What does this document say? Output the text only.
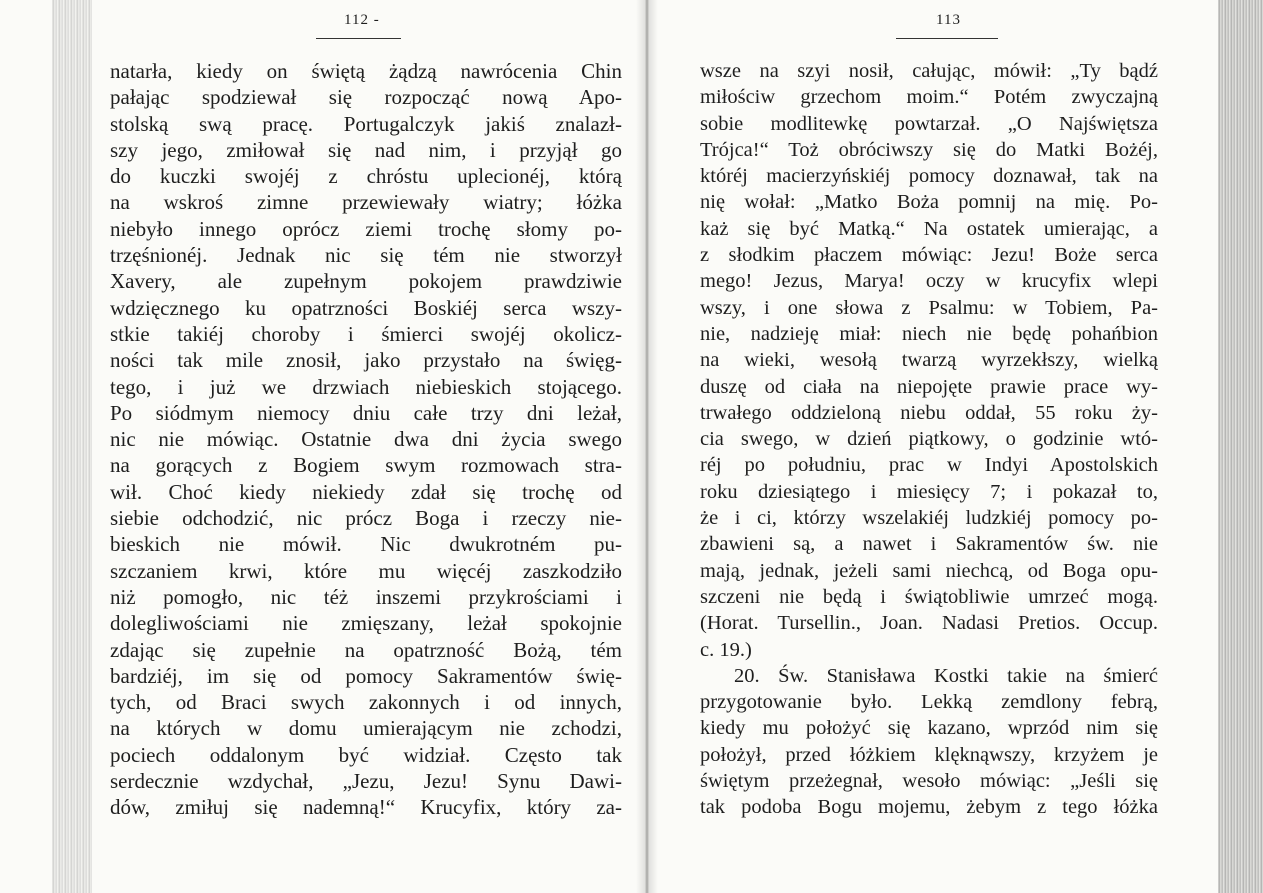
112 -
natarła, kiedy on świętą żądzą nawrócenia Chin
pałając spodziewał się rozpocząć nową Apo-
stolską swą pracę. Portugalczyk jakiś znalazł-
szy jego, zmiłował się nad nim, i przyjął go
do kuczki swojéj z chróstu uplecionéj, którą
na wskroś zimne przewiewały wiatry; łóżka
niebyło innego oprócz ziemi trochę słomy po-
trzęśnionéj. Jednak nic się tém nie stworzył
Xavery, ale zupełnym pokojem prawdziwie
wdzięcznego ku opatrzności Boskiéj serca wszy-
stkie takiéj choroby i śmierci swojéj okolicz-
ności tak mile znosił, jako przystało na święg-
tego, i już we drzwiach niebieskich stojącego.
Po siódmym niemocy dniu całe trzy dni leżał,
nic nie mówiąc. Ostatnie dwa dni życia swego
na gorących z Bogiem swym rozmowach stra-
wił. Choć kiedy niekiedy zdał się trochę od
siebie odchodzić, nic prócz Boga i rzeczy nie-
bieskich nie mówił. Nic dwukrotném pu-
szczaniem krwi, które mu więcéj zaszkodziło
niż pomogło, nic téż inszemi przykrościami i
dolegliwościami nie zmięszany, leżał spokojnie
zdając się zupełnie na opatrzność Bożą, tém
bardziéj, im się od pomocy Sakramentów świę-
tych, od Braci swych zakonnych i od innych,
na których w domu umierającym nie zchodzi,
pociech oddalonym być widział. Często tak
serdecznie wzdychał, „Jezu, Jezu! Synu Dawi-
dów, zmiłuj się nademną!“ Krucyfix, który za-
113
wsze na szyi nosił, całując, mówił: „Ty bądź
miłościw grzechom moim.“ Potém zwyczajną
sobie modlitewkę powtarzał. „O Najświętsza
Trójca!“ Toż obróciwszy się do Matki Bożéj,
któréj macierzyńskiéj pomocy doznawał, tak na
nię wołał: „Matko Boża pomnij na mię. Po-
każ się być Matką.“ Na ostatek umierając, a
z słodkim płaczem mówiąc: Jezu! Boże serca
mego! Jezus, Marya! oczy w krucyfix wlepi
wszy, i one słowa z Psalmu: w Tobiem, Pa-
nie, nadzieję miał: niech nie będę pohańbion
na wieki, wesołą twarzą wyrzekłszy, wielką
duszę od ciała na niepojęte prawie prace wy-
trwałego oddzieloną niebu oddał, 55 roku ży-
cia swego, w dzień piątkowy, o godzinie wtó-
réj po południu, prac w Indyi Apostolskich
roku dziesiątego i miesięcy 7; i pokazał to,
że i ci, którzy wszelakiéj ludzkiéj pomocy po-
zbawieni są, a nawet i Sakramentów św. nie
mają, jednak, jeżeli sami niechcą, od Boga opu-
szczeni nie będą i świątobliwie umrzeć mogą.
(Horat. Tursellin., Joan. Nadasi Pretios. Occup.
c. 19.)
20. Św. Stanisława Kostki takie na śmierć
przygotowanie było. Lekką zemdlony febrą,
kiedy mu położyć się kazano, wprzód nim się
położył, przed łóżkiem klęknąwszy, krzyżem je
świętym przeżegnał, wesoło mówiąc: „Jeśli się
tak podoba Bogu mojemu, żebym z tego łóżka
